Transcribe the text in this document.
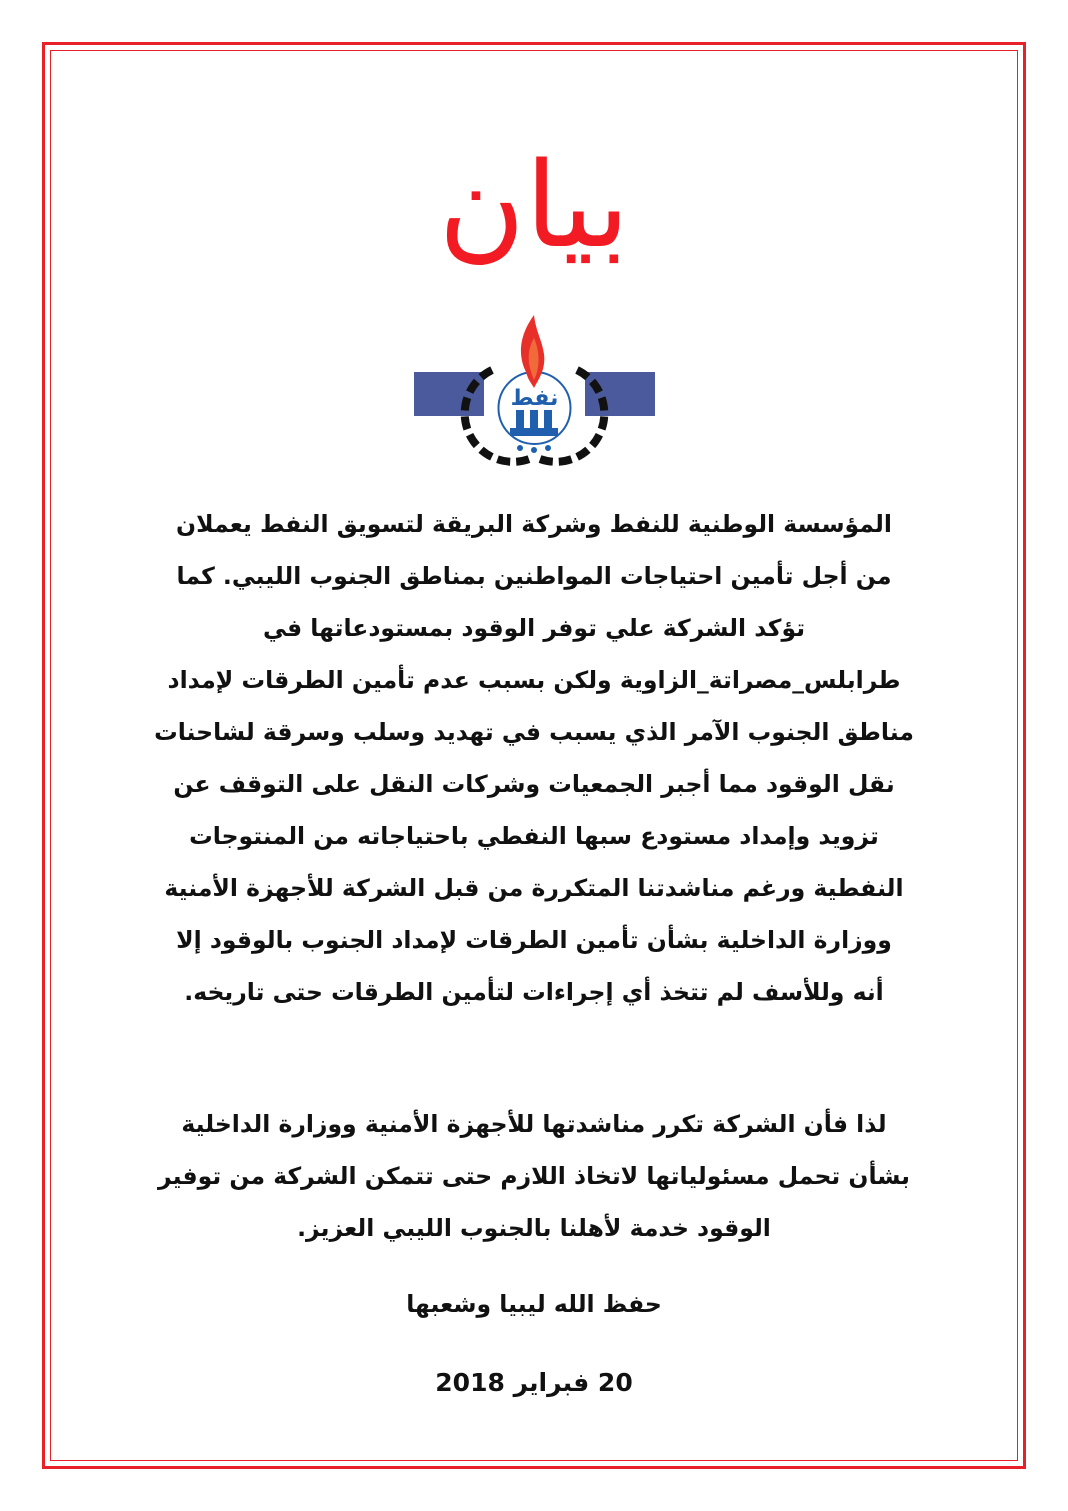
بيان
نفط
المؤسسة الوطنية للنفط وشركة البريقة لتسويق النفط يعملان
من أجل تأمين احتياجات المواطنين بمناطق الجنوب الليبي. كما
تؤكد الشركة علي توفر الوقود بمستودعاتها في
طرابلس_مصراتة_الزاوية ولكن بسبب عدم تأمين الطرقات لإمداد
مناطق الجنوب الآمر الذي يسبب في تهديد وسلب وسرقة لشاحنات
نقل الوقود مما أجبر الجمعيات وشركات النقل على التوقف عن
تزويد وإمداد مستودع سبها النفطي باحتياجاته من المنتوجات
النفطية ورغم مناشدتنا المتكررة من قبل الشركة للأجهزة الأمنية
ووزارة الداخلية بشأن تأمين الطرقات لإمداد الجنوب بالوقود إلا
أنه وللأسف لم تتخذ أي إجراءات لتأمين الطرقات حتى تاريخه.
لذا فأن الشركة تكرر مناشدتها للأجهزة الأمنية ووزارة الداخلية
بشأن تحمل مسئولياتها لاتخاذ اللازم حتى تتمكن الشركة من توفير
الوقود خدمة لأهلنا بالجنوب الليبي العزيز.
حفظ الله ليبيا وشعبها
20 فبراير 2018
